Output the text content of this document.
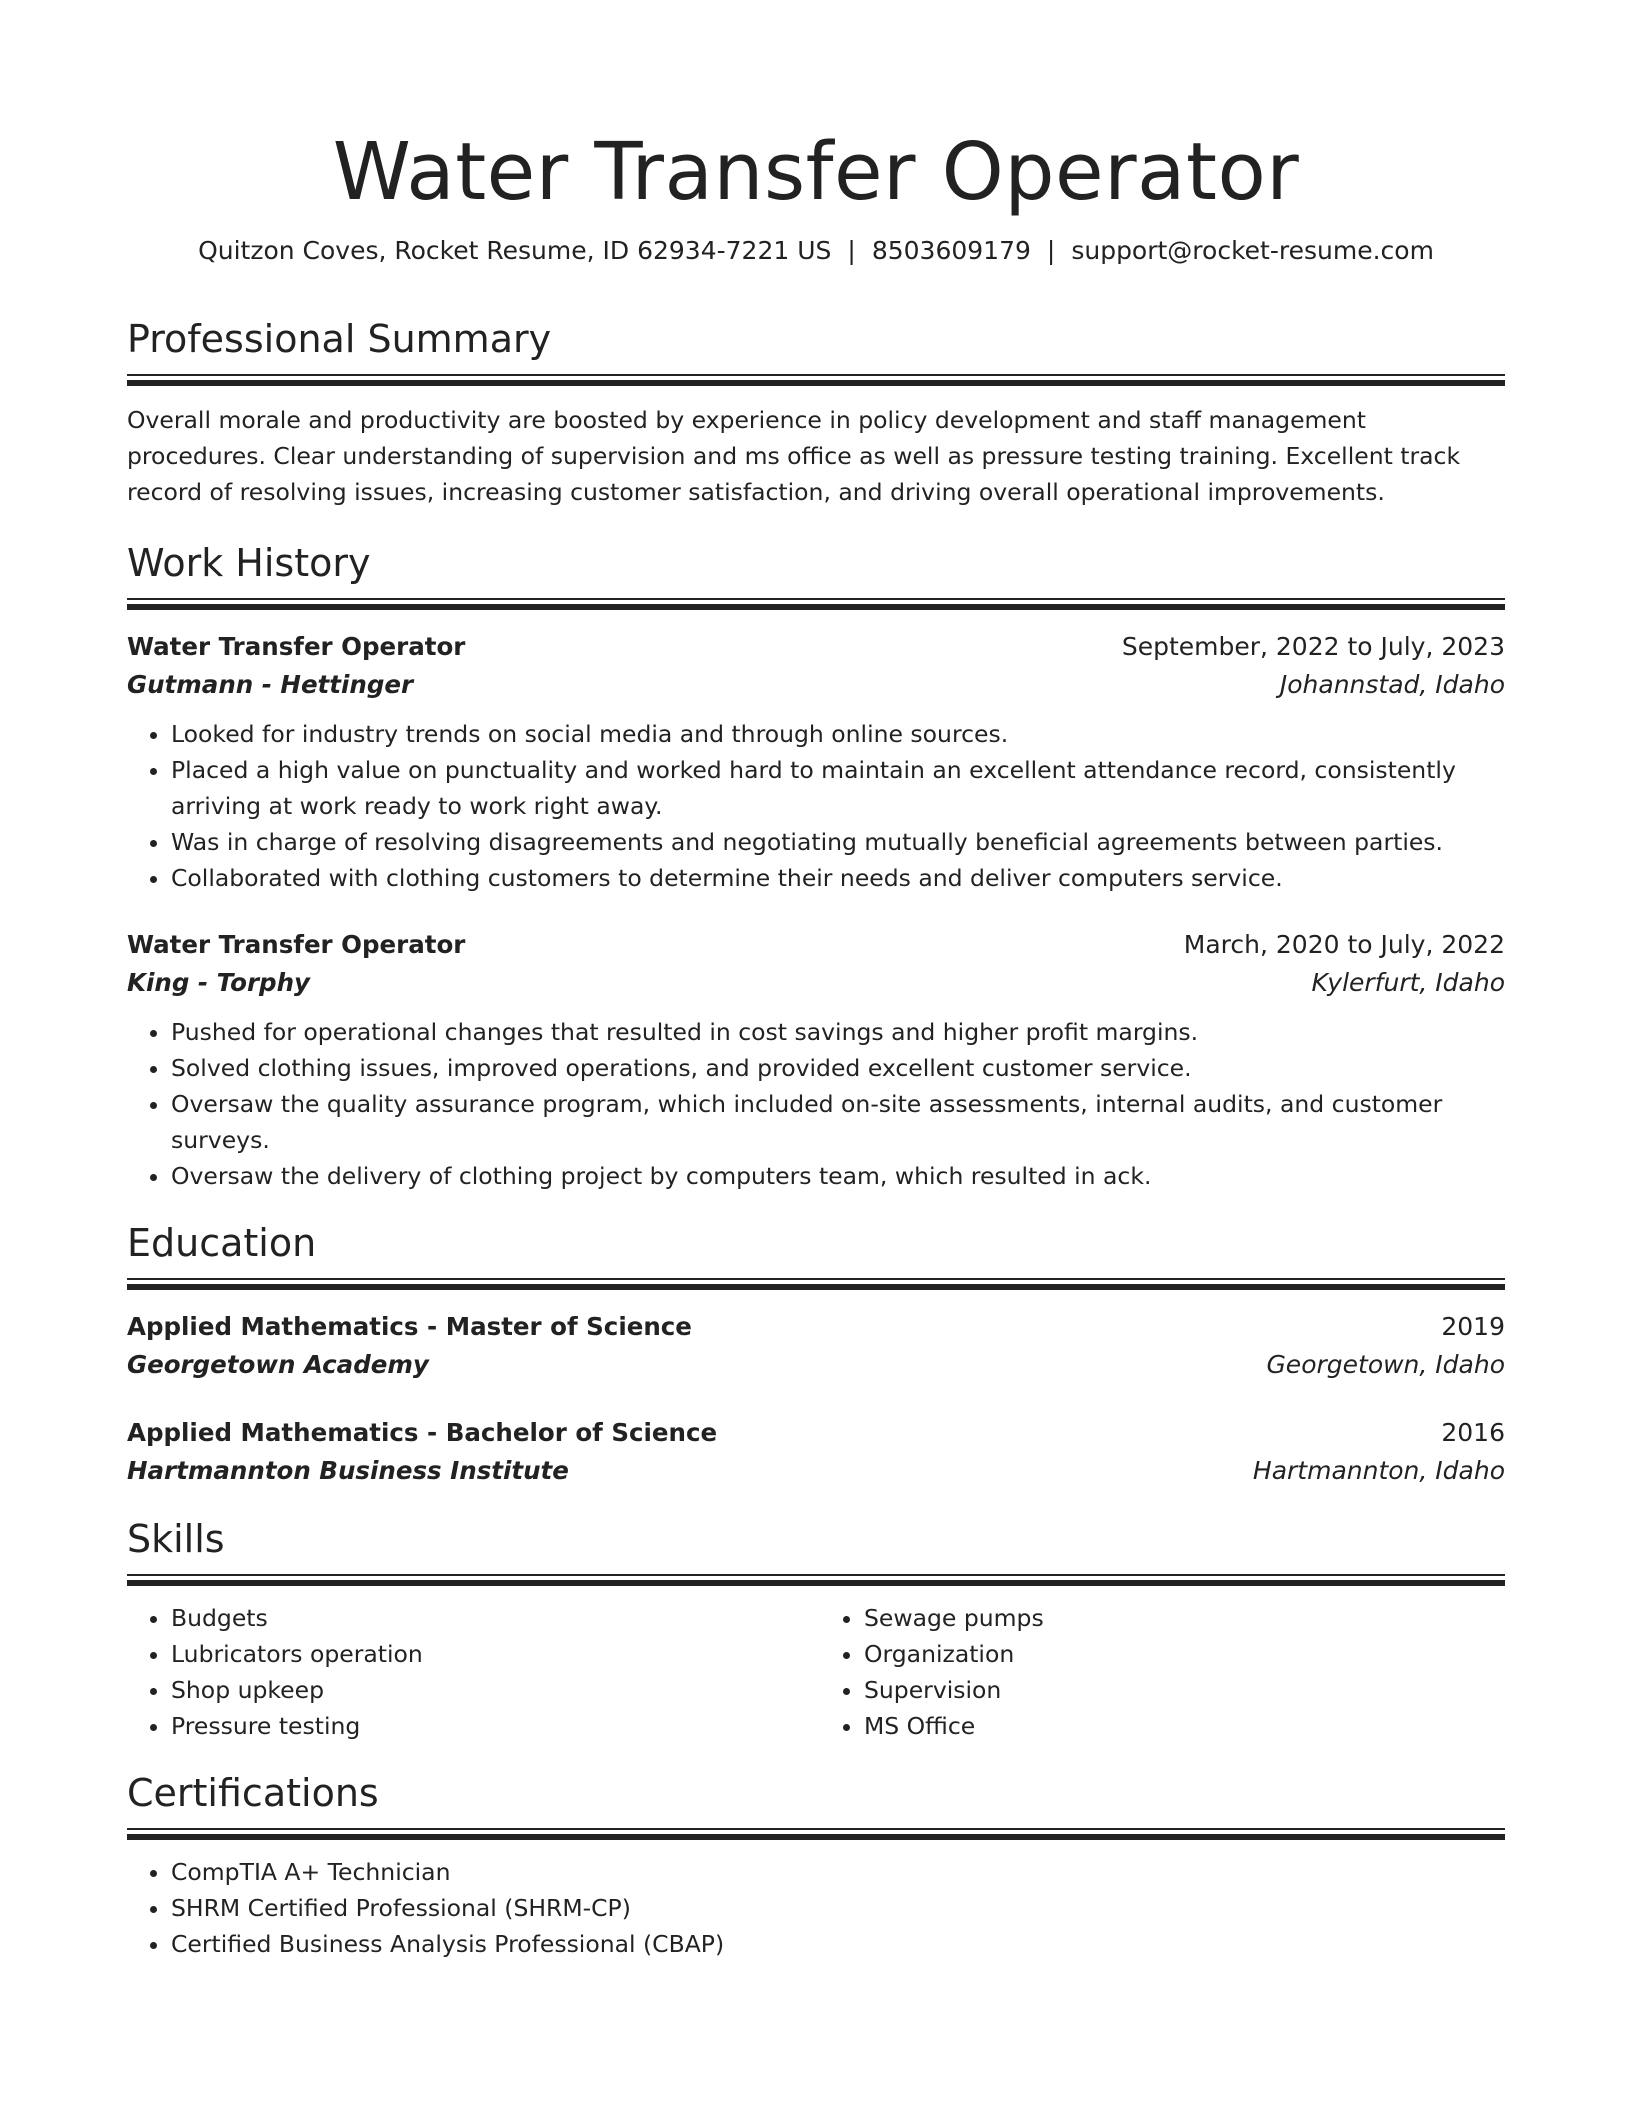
Water Transfer Operator
Quitzon Coves, Rocket Resume, ID 62934-7221 US | 8503609179 | support@rocket-resume.com
Professional Summary

Overall morale and productivity are boosted by experience in policy development and staff management procedures. Clear understanding of supervision and ms office as well as pressure testing training. Excellent track record of resolving issues, increasing customer satisfaction, and driving overall operational improvements.

Work History
Water Transfer Operator	September, 2022 to July, 2023
Gutmann - Hettinger	Johannstad, Idaho
• Looked for industry trends on social media and through online sources.
• Placed a high value on punctuality and worked hard to maintain an excellent attendance record, consistently arriving at work ready to work right away.
• Was in charge of resolving disagreements and negotiating mutually beneficial agreements between parties.
• Collaborated with clothing customers to determine their needs and deliver computers service.
Water Transfer Operator	March, 2020 to July, 2022
King - Torphy	Kylerfurt, Idaho
• Pushed for operational changes that resulted in cost savings and higher profit margins.
• Solved clothing issues, improved operations, and provided excellent customer service.
• Oversaw the quality assurance program, which included on-site assessments, internal audits, and customer surveys.
• Oversaw the delivery of clothing project by computers team, which resulted in ack.
Education
Applied Mathematics - Master of Science	2019
Georgetown Academy	Georgetown, Idaho
Applied Mathematics - Bachelor of Science	2016
Hartmannton Business Institute	Hartmannton, Idaho
Skills
• Budgets
• Lubricators operation
• Shop upkeep
• Pressure testing
• Sewage pumps
• Organization
• Supervision
• MS Office
Certifications
• CompTIA A+ Technician
• SHRM Certified Professional (SHRM-CP)
• Certified Business Analysis Professional (CBAP)
